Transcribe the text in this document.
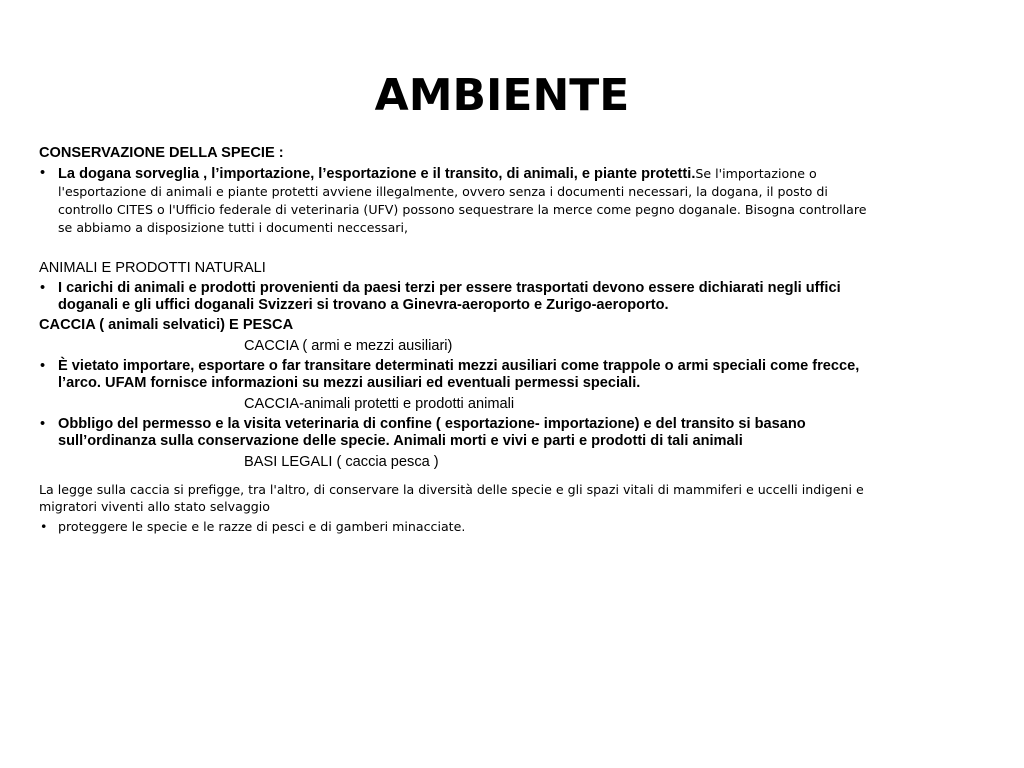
AMBIENTE

CONSERVAZIONE DELLA SPECIE :

• La dogana sorveglia , l’importazione, l’esportazione e il transito, di animali, e piante protetti.Se l'importazione o l'esportazione di animali e piante protetti avviene illegalmente, ovvero senza i documenti necessari, la dogana, il posto di controllo CITES o l'Ufficio federale di veterinaria (UFV) possono sequestrare la merce come pegno doganale. Bisogna controllare se abbiamo a disposizione tutti i documenti neccessari,

ANIMALI E PRODOTTI NATURALI

• I carichi di animali e prodotti provenienti da paesi terzi per essere trasportati devono essere dichiarati negli uffici doganali e gli uffici doganali Svizzeri si trovano a Ginevra-aeroporto e Zurigo-aeroporto.

CACCIA ( animali selvatici) E PESCA

CACCIA ( armi e mezzi ausiliari)

• È vietato importare, esportare o far transitare determinati mezzi ausiliari come trappole o armi speciali come frecce, l’arco. UFAM fornisce informazioni su mezzi ausiliari ed eventuali permessi speciali.

CACCIA-animali protetti e prodotti animali

• Obbligo del permesso e la visita veterinaria di confine ( esportazione- importazione) e del transito si basano sull’ordinanza sulla conservazione delle specie. Animali morti e vivi e parti e prodotti di tali animali

BASI LEGALI ( caccia pesca )

La legge sulla caccia si prefigge, tra l'altro, di conservare la diversità delle specie e gli spazi vitali di mammiferi e uccelli indigeni e migratori viventi allo stato selvaggio

• proteggere le specie e le razze di pesci e di gamberi minacciate.
